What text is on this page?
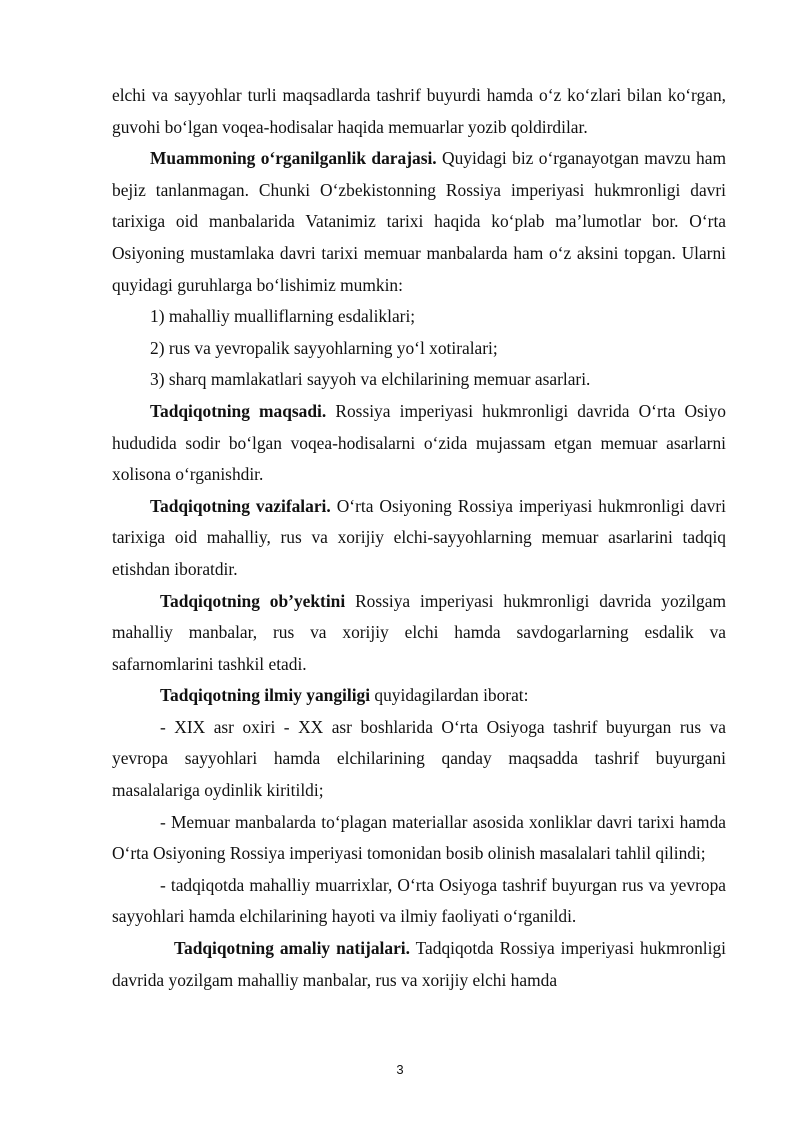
elchi va sayyohlar turli maqsadlarda tashrif buyurdi hamda o‘z ko‘zlari bilan ko‘rgan, guvohi bo‘lgan voqea-hodisalar haqida memuarlar yozib qoldirdilar.

Muammoning o‘rganilganlik darajasi. Quyidagi biz o‘rganayotgan mavzu ham bejiz tanlanmagan. Chunki O‘zbekistonning Rossiya imperiyasi hukmronligi davri tarixiga oid manbalarida Vatanimiz tarixi haqida ko‘plab ma’lumotlar bor. O‘rta Osiyoning mustamlaka davri tarixi memuar manbalarda ham o‘z aksini topgan. Ularni quyidagi guruhlarga bo‘lishimiz mumkin:

1) mahalliy mualliflarning esdaliklari;

2) rus va yevropalik sayyohlarning yo‘l xotiralari;

3) sharq mamlakatlari sayyoh va elchilarining memuar asarlari.

Tadqiqotning maqsadi. Rossiya imperiyasi hukmronligi davrida O‘rta Osiyo hududida sodir bo‘lgan voqea-hodisalarni o‘zida mujassam etgan memuar asarlarni xolisona o‘rganishdir.

Tadqiqotning vazifalari. O‘rta Osiyoning Rossiya imperiyasi hukmronligi davri tarixiga oid mahalliy, rus va xorijiy elchi-sayyohlarning memuar asarlarini tadqiq etishdan iboratdir.

Tadqiqotning ob’yektini Rossiya imperiyasi hukmronligi davrida yozilgam mahalliy manbalar, rus va xorijiy elchi hamda savdogarlarning esdalik va safarnomlarini tashkil etadi.

Tadqiqotning ilmiy yangiligi quyidagilardan iborat:

- XIX asr oxiri - XX asr boshlarida O‘rta Osiyoga tashrif buyurgan rus va yevropa sayyohlari hamda elchilarining qanday maqsadda tashrif buyurgani masalalariga oydinlik kiritildi;

- Memuar manbalarda to‘plagan materiallar asosida xonliklar davri tarixi hamda O‘rta Osiyoning Rossiya imperiyasi tomonidan bosib olinish masalalari tahlil qilindi;

- tadqiqotda mahalliy muarrixlar, O‘rta Osiyoga tashrif buyurgan rus va yevropa sayyohlari hamda elchilarining hayoti va ilmiy faoliyati o‘rganildi.

Tadqiqotning amaliy natijalari. Tadqiqotda Rossiya imperiyasi hukmronligi davrida yozilgam mahalliy manbalar, rus va xorijiy elchi hamda

3
